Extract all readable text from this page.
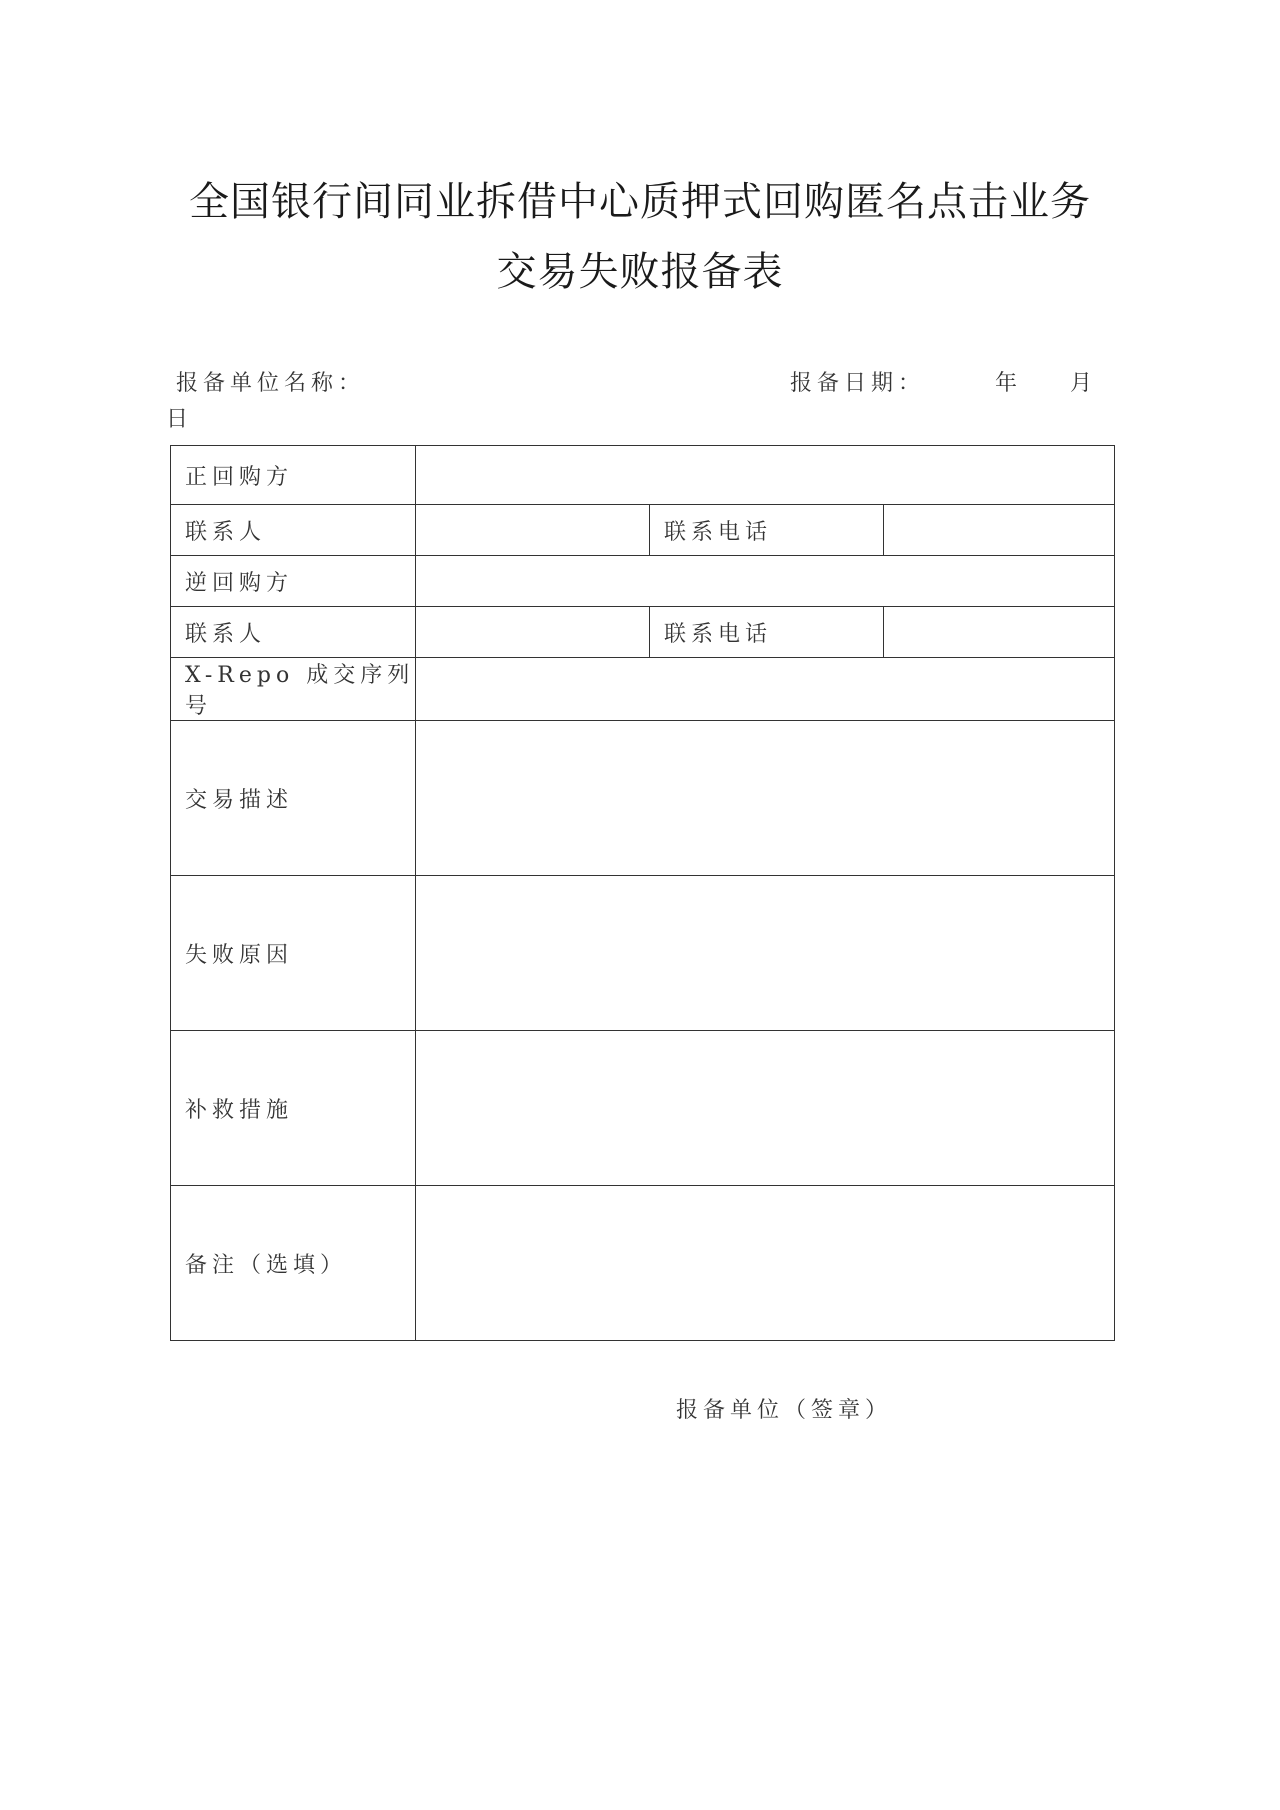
全国银行间同业拆借中心质押式回购匿名点击业务
交易失败报备表
报备单位名称：	报备日期：	年 月
日
正回购方			
联系人		联系电话	
逆回购方			
联系人		联系电话	
X-Repo 成交序列号			
交易描述			
失败原因			
补救措施			
备注（选填）			
报备单位（签章）
